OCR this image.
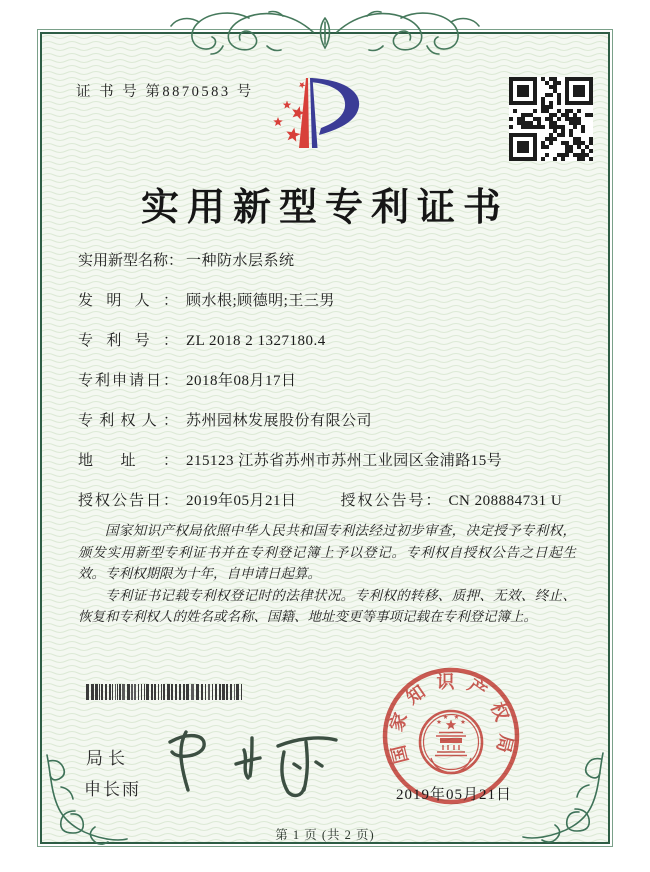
证 书 号 第8870583 号
实用新型专利证书
实用新型名称： 一种防水层系统
发明人： 顾水根;顾德明;王三男
专利号： ZL 2018 2 1327180.4
专利申请日： 2018年08月17日
专利权人： 苏州园林发展股份有限公司
地址： 215123 江苏省苏州市苏州工业园区金浦路15号
授权公告日： 2019年05月21日	授权公告号： CN 208884731 U

国家知识产权局依照中华人民共和国专利法经过初步审查，决定授予专利权，颁发实用新型专利证书并在专利登记簿上予以登记。专利权自授权公告之日起生效。专利权期限为十年，自申请日起算。

专利证书记载专利权登记时的法律状况。专利权的转移、质押、无效、终止、恢复和专利权人的姓名或名称、国籍、地址变更等事项记载在专利登记簿上。

局长
申长雨
国家知识产权局
2019年05月21日
第 1 页 (共 2 页)
